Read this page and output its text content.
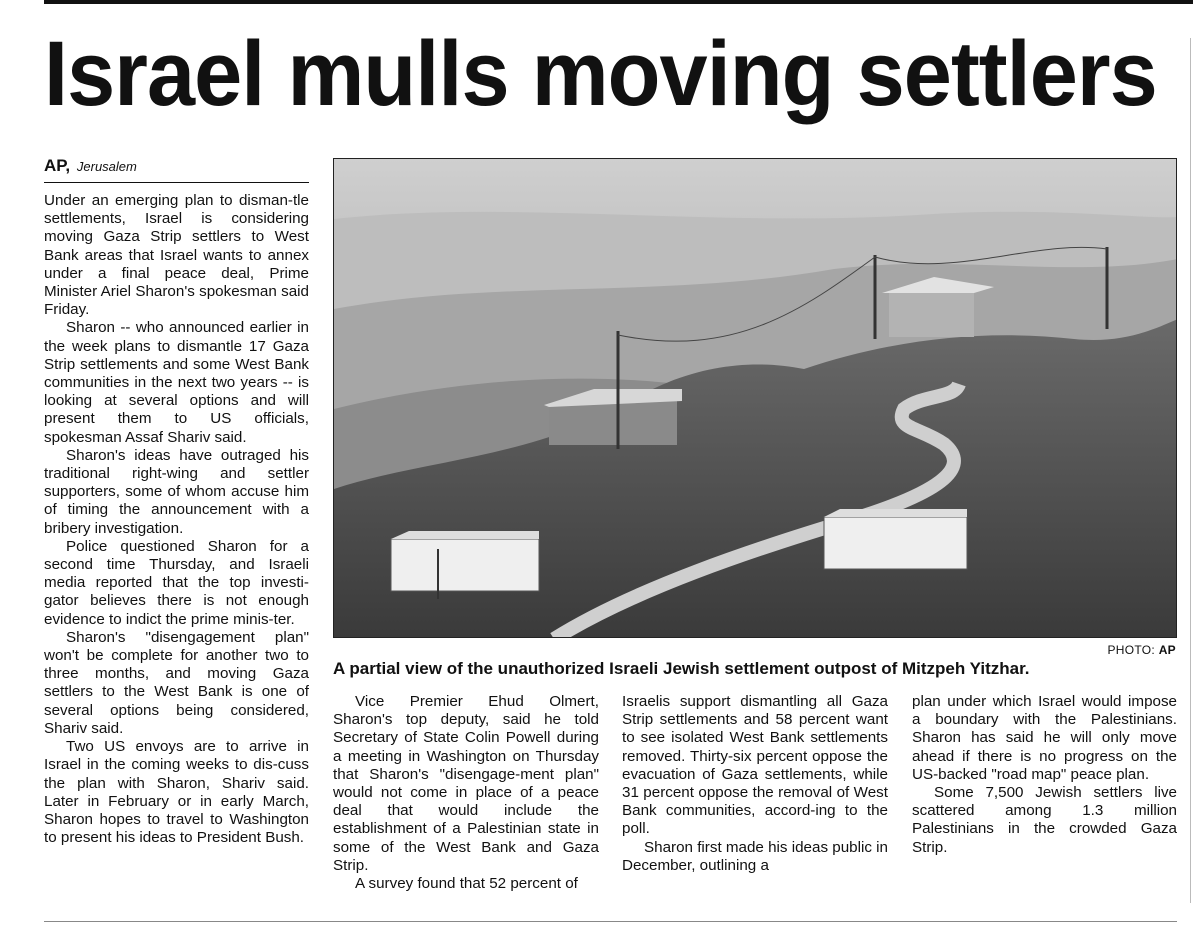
Israel mulls moving settlers
AP, Jerusalem

Under an emerging plan to disman-tle settlements, Israel is considering moving Gaza Strip settlers to West Bank areas that Israel wants to annex under a final peace deal, Prime Minister Ariel Sharon's spokesman said Friday.

Sharon -- who announced earlier in the week plans to dismantle 17 Gaza Strip settlements and some West Bank communities in the next two years -- is looking at several options and will present them to US officials, spokesman Assaf Shariv said.

Sharon's ideas have outraged his traditional right-wing and settler supporters, some of whom accuse him of timing the announcement with a bribery investigation.

Police questioned Sharon for a second time Thursday, and Israeli media reported that the top investi-gator believes there is not enough evidence to indict the prime minis-ter.

Sharon's "disengagement plan" won't be complete for another two to three months, and moving Gaza settlers to the West Bank is one of several options being considered, Shariv said.

Two US envoys are to arrive in Israel in the coming weeks to dis-cuss the plan with Sharon, Shariv said. Later in February or in early March, Sharon hopes to travel to Washington to present his ideas to President Bush.

PHOTO: AP

A partial view of the unauthorized Israeli Jewish settlement outpost of Mitzpeh Yitzhar.

Vice Premier Ehud Olmert, Sharon's top deputy, said he told Secretary of State Colin Powell during a meeting in Washington on Thursday that Sharon's "disengage-ment plan" would not come in place of a peace deal that would include the establishment of a Palestinian state in some of the West Bank and Gaza Strip.

A survey found that 52 percent of

Israelis support dismantling all Gaza Strip settlements and 58 percent want to see isolated West Bank settlements removed. Thirty-six percent oppose the evacuation of Gaza settlements, while 31 percent oppose the removal of West Bank communities, accord-ing to the poll.

Sharon first made his ideas public in December, outlining a

plan under which Israel would impose a boundary with the Palestinians. Sharon has said he will only move ahead if there is no progress on the US-backed "road map" peace plan.

Some 7,500 Jewish settlers live scattered among 1.3 million Palestinians in the crowded Gaza Strip.
